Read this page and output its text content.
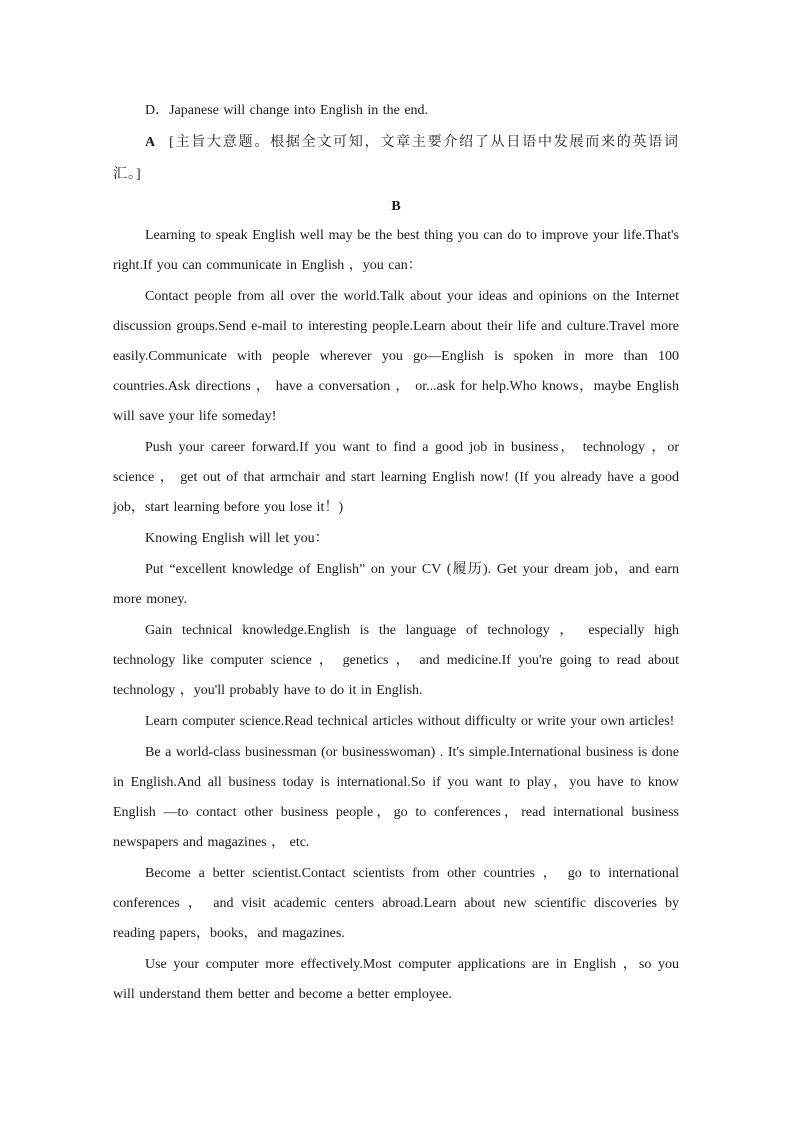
D．Japanese will change into English in the end.

A [主旨大意题。根据全文可知，文章主要介绍了从日语中发展而来的英语词汇。]

B

Learning to speak English well may be the best thing you can do to improve your life.That's right.If you can communicate in English ，you can：

Contact people from all over the world.Talk about your ideas and opinions on the Internet discussion groups.Send e-mail to interesting people.Learn about their life and culture.Travel more easily.Communicate with people wherever you go—English is spoken in more than 100 countries.Ask directions ， have a conversation ， or...ask for help.Who knows，maybe English will save your life someday!

Push your career forward.If you want to find a good job in business， technology ，or science ， get out of that armchair and start learning English now! (If you already have a good job，start learning before you lose it！)

Knowing English will let you：

Put “excellent knowledge of English” on your CV (履历). Get your dream job，and earn more money.

Gain technical knowledge.English is the language of technology ， especially high technology like computer science ， genetics ， and medicine.If you're going to read about technology ，you'll probably have to do it in English.

Learn computer science.Read technical articles without difficulty or write your own articles!

Be a world-class businessman (or businesswoman) . It's simple.International business is done in English.And all business today is international.So if you want to play，you have to know English —to contact other business people，go to conferences，read international business newspapers and magazines ， etc.

Become a better scientist.Contact scientists from other countries ， go to international conferences ， and visit academic centers abroad.Learn about new scientific discoveries by reading papers，books，and magazines.

Use your computer more effectively.Most computer applications are in English ，so you will understand them better and become a better employee.
